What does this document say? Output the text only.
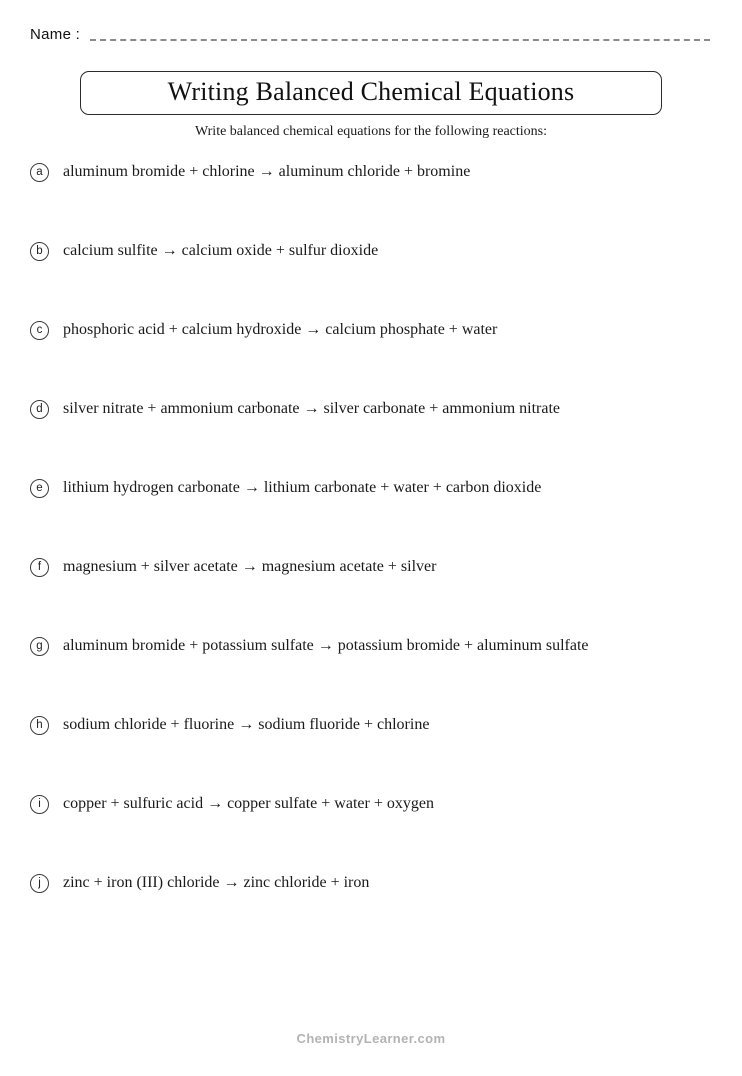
Name :
Writing Balanced Chemical Equations
Write balanced chemical equations for the following reactions:
a	aluminum bromide + chlorine → aluminum chloride + bromine
b	calcium sulfite → calcium oxide + sulfur dioxide
c	phosphoric acid + calcium hydroxide → calcium phosphate + water
d	silver nitrate + ammonium carbonate → silver carbonate + ammonium nitrate
e	lithium hydrogen carbonate → lithium carbonate + water + carbon dioxide
f	magnesium + silver acetate → magnesium acetate + silver
g	aluminum bromide + potassium sulfate → potassium bromide + aluminum sulfate
h	sodium chloride + fluorine → sodium fluoride + chlorine
i	copper + sulfuric acid → copper sulfate + water + oxygen
j	zinc + iron (III) chloride → zinc chloride + iron
ChemistryLearner.com
